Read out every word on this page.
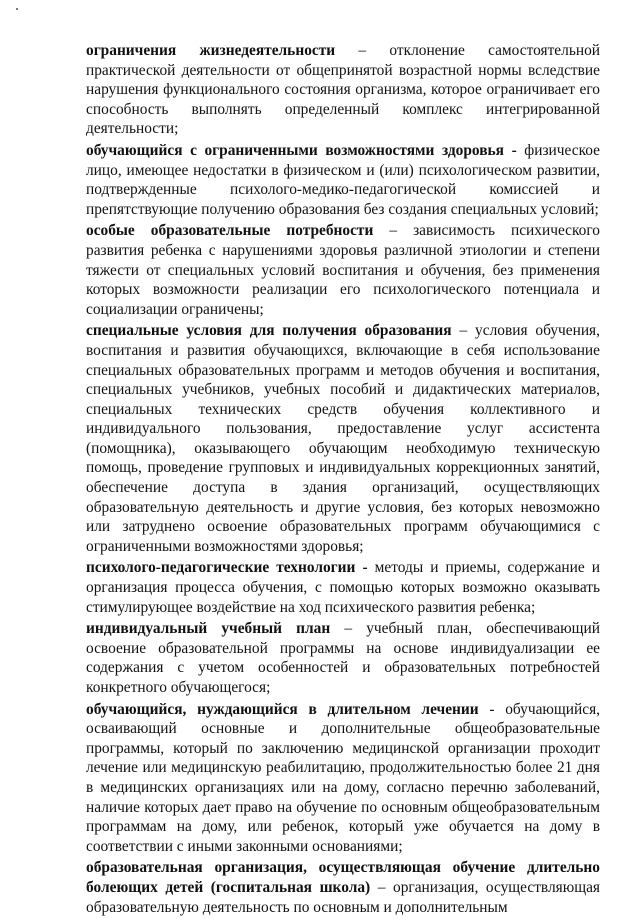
ограничения жизнедеятельности – отклонение самостоятельной практической деятельности от общепринятой возрастной нормы вследствие нарушения функционального состояния организма, которое ограничивает его способность выполнять определенный комплекс интегрированной деятельности;

обучающийся с ограниченными возможностями здоровья - физическое лицо, имеющее недостатки в физическом и (или) психологическом развитии, подтвержденные психолого-медико-педагогической комиссией и препятствующие получению образования без создания специальных условий;

особые образовательные потребности – зависимость психического развития ребенка с нарушениями здоровья различной этиологии и степени тяжести от специальных условий воспитания и обучения, без применения которых возможности реализации его психологического потенциала и социализации ограничены;

специальные условия для получения образования – условия обучения, воспитания и развития обучающихся, включающие в себя использование специальных образовательных программ и методов обучения и воспитания, специальных учебников, учебных пособий и дидактических материалов, специальных технических средств обучения коллективного и индивидуального пользования, предоставление услуг ассистента (помощника), оказывающего обучающим необходимую техническую помощь, проведение групповых и индивидуальных коррекционных занятий, обеспечение доступа в здания организаций, осуществляющих образовательную деятельность и другие условия, без которых невозможно или затруднено освоение образовательных программ обучающимися с ограниченными возможностями здоровья;

психолого-педагогические технологии - методы и приемы, содержание и организация процесса обучения, с помощью которых возможно оказывать стимулирующее воздействие на ход психического развития ребенка;

индивидуальный учебный план – учебный план, обеспечивающий освоение образовательной программы на основе индивидуализации ее содержания с учетом особенностей и образовательных потребностей конкретного обучающегося;

обучающийся, нуждающийся в длительном лечении - обучающийся, осваивающий основные и дополнительные общеобразовательные программы, который по заключению медицинской организации проходит лечение или медицинскую реабилитацию, продолжительностью более 21 дня в медицинских организациях или на дому, согласно перечню заболеваний, наличие которых дает право на обучение по основным общеобразовательным программам на дому, или ребенок, который уже обучается на дому в соответствии с иными законными основаниями;

образовательная организация, осуществляющая обучение длительно болеющих детей (госпитальная школа) – организация, осуществляющая образовательную деятельность по основным и дополнительным
